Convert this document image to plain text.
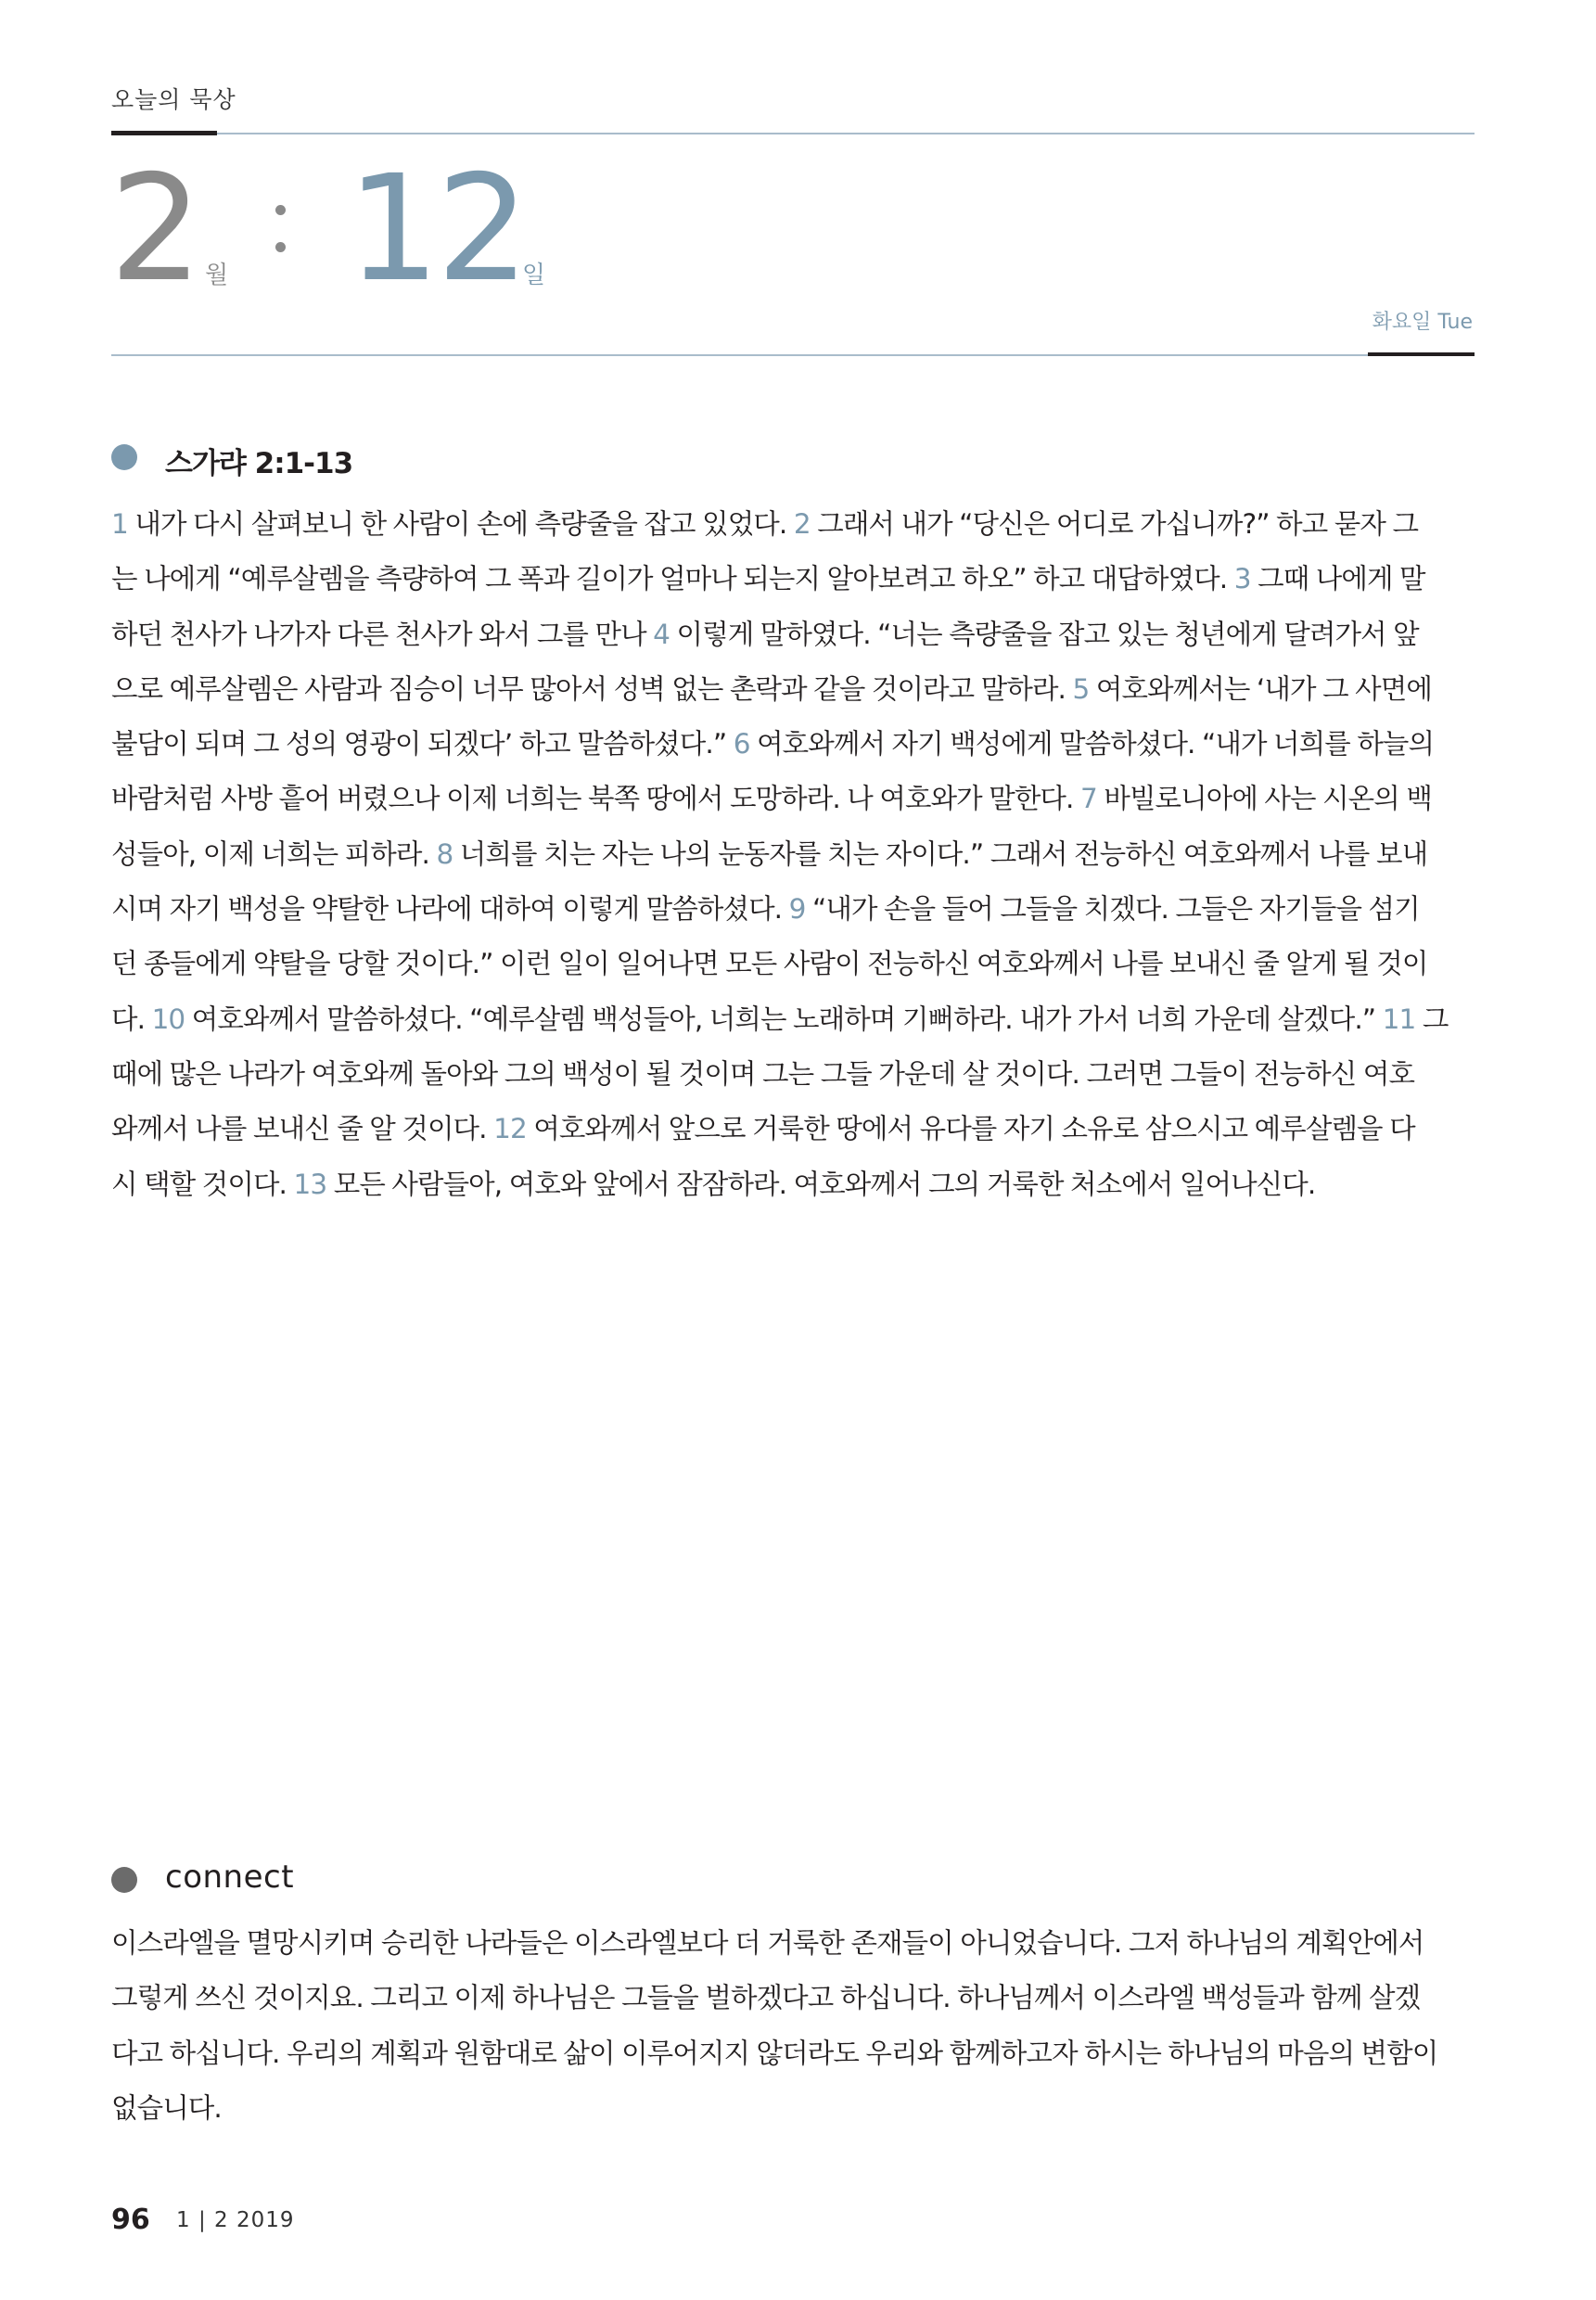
오늘의 묵상
2 월 12
일
화요일 Tue
스가랴 2:1-13
1 내가 다시 살펴보니 한 사람이 손에 측량줄을 잡고 있었다. 2 그래서 내가 “당신은 어디로 가십니까?” 하고 묻자 그
는 나에게 “예루살렘을 측량하여 그 폭과 길이가 얼마나 되는지 알아보려고 하오” 하고 대답하였다. 3 그때 나에게 말
하던 천사가 나가자 다른 천사가 와서 그를 만나 4 이렇게 말하였다. “너는 측량줄을 잡고 있는 청년에게 달려가서 앞
으로 예루살렘은 사람과 짐승이 너무 많아서 성벽 없는 촌락과 같을 것이라고 말하라. 5 여호와께서는 ‘내가 그 사면에
불담이 되며 그 성의 영광이 되겠다’ 하고 말씀하셨다.” 6 여호와께서 자기 백성에게 말씀하셨다. “내가 너희를 하늘의
바람처럼 사방 흩어 버렸으나 이제 너희는 북쪽 땅에서 도망하라. 나 여호와가 말한다. 7 바빌로니아에 사는 시온의 백
성들아, 이제 너희는 피하라. 8 너희를 치는 자는 나의 눈동자를 치는 자이다.” 그래서 전능하신 여호와께서 나를 보내
시며 자기 백성을 약탈한 나라에 대하여 이렇게 말씀하셨다. 9 “내가 손을 들어 그들을 치겠다. 그들은 자기들을 섬기
던 종들에게 약탈을 당할 것이다.” 이런 일이 일어나면 모든 사람이 전능하신 여호와께서 나를 보내신 줄 알게 될 것이
다. 10 여호와께서 말씀하셨다. “예루살렘 백성들아, 너희는 노래하며 기뻐하라. 내가 가서 너희 가운데 살겠다.” 11 그
때에 많은 나라가 여호와께 돌아와 그의 백성이 될 것이며 그는 그들 가운데 살 것이다. 그러면 그들이 전능하신 여호
와께서 나를 보내신 줄 알 것이다. 12 여호와께서 앞으로 거룩한 땅에서 유다를 자기 소유로 삼으시고 예루살렘을 다
시 택할 것이다. 13 모든 사람들아, 여호와 앞에서 잠잠하라. 여호와께서 그의 거룩한 처소에서 일어나신다.
connect
이스라엘을 멸망시키며 승리한 나라들은 이스라엘보다 더 거룩한 존재들이 아니었습니다. 그저 하나님의 계획안에서
그렇게 쓰신 것이지요. 그리고 이제 하나님은 그들을 벌하겠다고 하십니다. 하나님께서 이스라엘 백성들과 함께 살겠
다고 하십니다. 우리의 계획과 원함대로 삶이 이루어지지 않더라도 우리와 함께하고자 하시는 하나님의 마음의 변함이
없습니다.
96 1 | 2 2019
